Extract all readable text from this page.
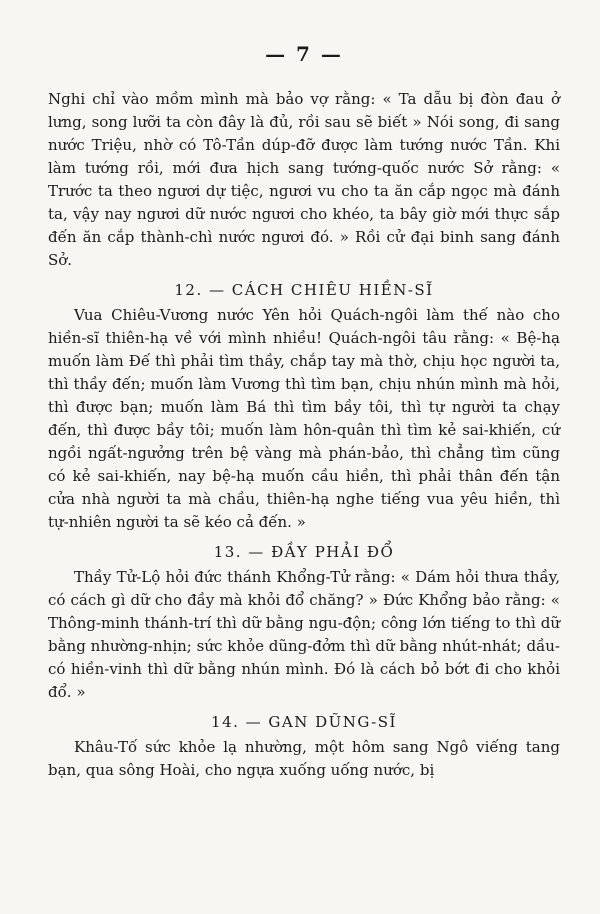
— 7 —

Nghi chỉ vào mồm mình mà bảo vợ rằng: « Ta dẫu bị đòn đau ở lưng, song lưỡi ta còn đây là đủ, rồi sau sẽ biết » Nói song, đi sang nước Triệu, nhờ có Tô-Tần dúp-đỡ được làm tướng nước Tần. Khi làm tướng rồi, mới đưa hịch sang tướng-quốc nước Sở rằng: « Trước ta theo ngươi dự tiệc, ngươi vu cho ta ăn cắp ngọc mà đánh ta, vậy nay ngươi dữ nước ngươi cho khéo, ta bây giờ mới thực sắp đến ăn cắp thành-chì nước ngươi đó. » Rồi cử đại binh sang đánh Sở.

12. — CÁCH CHIÊU HIỀN-SĨ

Vua Chiêu-Vương nước Yên hỏi Quách-ngôi làm thế nào cho hiền-sĩ thiên-hạ về với mình nhiều! Quách-ngôi tâu rằng: « Bệ-hạ muốn làm Đế thì phải tìm thầy, chắp tay mà thờ, chịu học người ta, thì thầy đến; muốn làm Vương thì tìm bạn, chịu nhún mình mà hỏi, thì được bạn; muốn làm Bá thì tìm bầy tôi, thì tự người ta chạy đến, thì được bầy tôi; muốn làm hôn-quân thì tìm kẻ sai-khiến, cứ ngồi ngất-ngưởng trên bệ vàng mà phán-bảo, thì chẳng tìm cũng có kẻ sai-khiến, nay bệ-hạ muốn cầu hiền, thì phải thân đến tận cửa nhà người ta mà chầu, thiên-hạ nghe tiếng vua yêu hiền, thì tự-nhiên người ta sẽ kéo cả đến. »

13. — ĐẦY PHẢI ĐỔ

Thầy Tử-Lộ hỏi đức thánh Khổng-Tử rằng: « Dám hỏi thưa thầy, có cách gì dữ cho đầy mà khỏi đổ chăng? » Đức Khổng bảo rằng: « Thông-minh thánh-trí thì dữ bằng ngu-độn; công lớn tiếng to thì dữ bằng nhường-nhịn; sức khỏe dũng-đởm thì dữ bằng nhút-nhát; dầu-có hiền-vinh thì dữ bằng nhún mình. Đó là cách bỏ bớt đi cho khỏi đổ. »

14. — GAN DŨNG-SĨ

Khâu-Tố sức khỏe lạ nhường, một hôm sang Ngô viếng tang bạn, qua sông Hoài, cho ngựa xuống uống nước, bị
